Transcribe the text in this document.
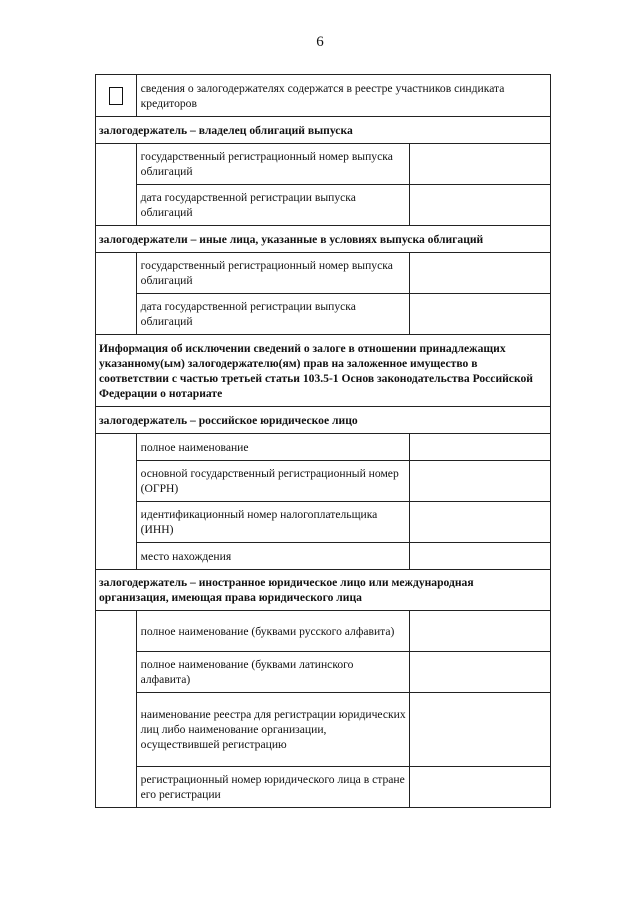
6
	сведения о залогодержателях содержатся в реестре участников синдиката кредиторов	
залогодержатель – владелец облигаций выпуска		
	государственный регистрационный номер выпуска облигаций	
	дата государственной регистрации выпуска облигаций	
залогодержатели – иные лица, указанные в условиях выпуска облигаций		
	государственный регистрационный номер выпуска облигаций	
	дата государственной регистрации выпуска облигаций	
Информация об исключении сведений о залоге в отношении принадлежащих указанному(ым) залогодержателю(ям) прав на заложенное имущество в соответствии с частью третьей статьи 103.5-1 Основ законодательства Российской Федерации о нотариате		
залогодержатель – российское юридическое лицо		
	полное наименование	
	основной государственный регистрационный номер (ОГРН)	
	идентификационный номер налогоплательщика (ИНН)	
	место нахождения	
залогодержатель – иностранное юридическое лицо или международная организация, имеющая права юридического лица		
	полное наименование (буквами русского алфавита)	
	полное наименование (буквами латинского алфавита)	
	наименование реестра для регистрации юридических лиц либо наименование организации, осуществившей регистрацию	
	регистрационный номер юридического лица в стране его регистрации	
